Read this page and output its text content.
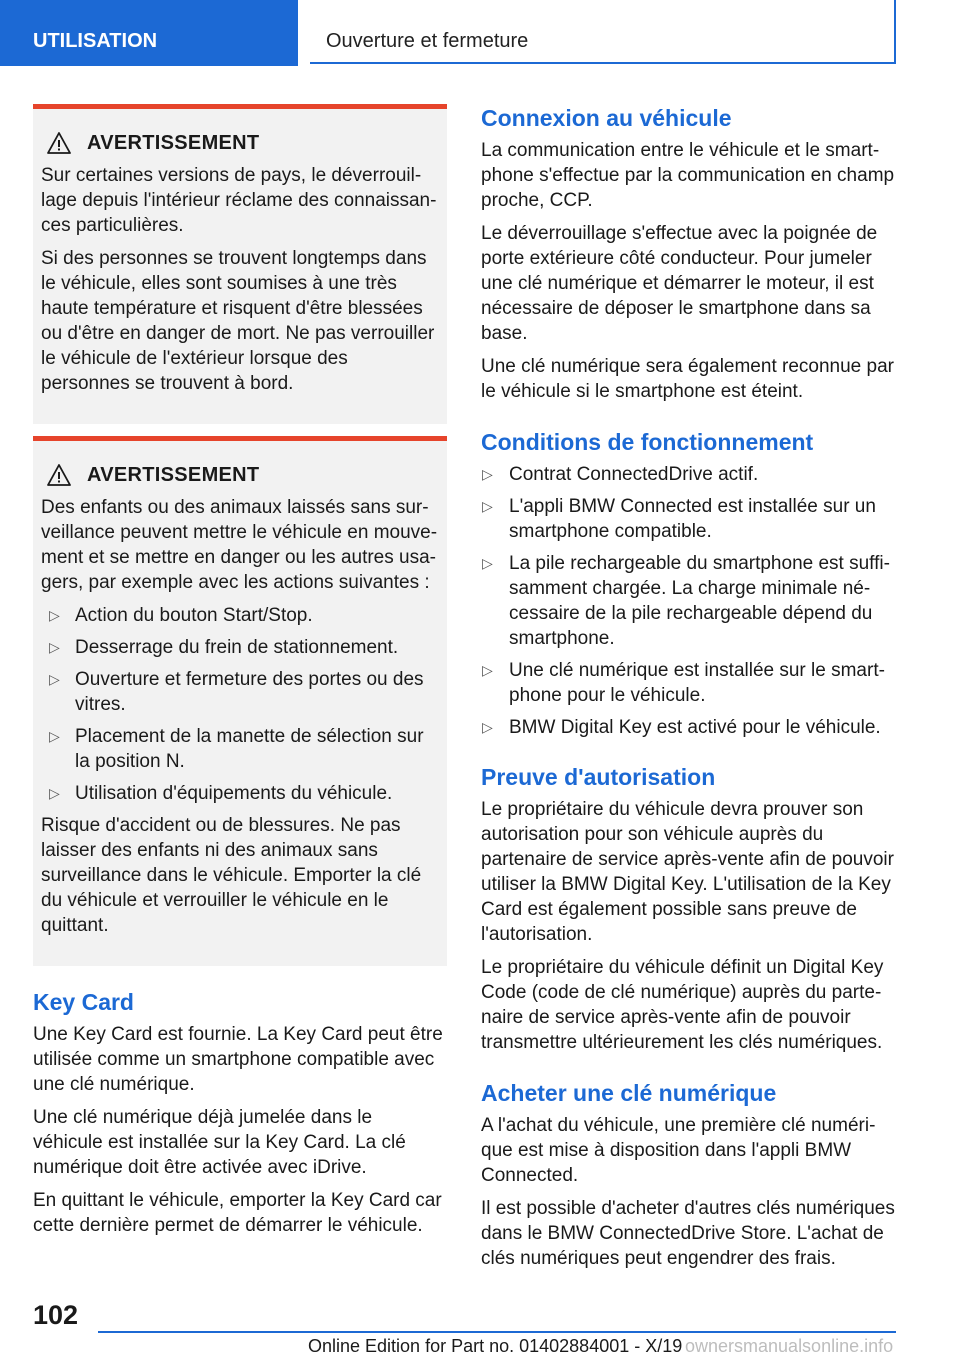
UTILISATION	Ouverture et fermeture
AVERTISSEMENT

Sur certaines versions de pays, le déverrouillage depuis l'intérieur réclame des connaissances particulières.

Si des personnes se trouvent longtemps dans le véhicule, elles sont soumises à une très haute température et risquent d'être blessées ou d'être en danger de mort. Ne pas verrouiller le véhicule de l'extérieur lorsque des personnes se trouvent à bord.

AVERTISSEMENT

Des enfants ou des animaux laissés sans surveillance peuvent mettre le véhicule en mouvement et se mettre en danger ou les autres usagers, par exemple avec les actions suivantes :

▷ Action du bouton Start/Stop.
▷ Desserrage du frein de stationnement.
▷ Ouverture et fermeture des portes ou des vitres.
▷ Placement de la manette de sélection sur la position N.
▷ Utilisation d'équipements du véhicule.

Risque d'accident ou de blessures. Ne pas laisser des enfants ni des animaux sans surveillance dans le véhicule. Emporter la clé du véhicule et verrouiller le véhicule en le quittant.

Key Card

Une Key Card est fournie. La Key Card peut être utilisée comme un smartphone compatible avec une clé numérique.

Une clé numérique déjà jumelée dans le véhicule est installée sur la Key Card. La clé numérique doit être activée avec iDrive.

En quittant le véhicule, emporter la Key Card car cette dernière permet de démarrer le véhicule.

Connexion au véhicule

La communication entre le véhicule et le smartphone s'effectue par la communication en champ proche, CCP.

Le déverrouillage s'effectue avec la poignée de porte extérieure côté conducteur. Pour jumeler une clé numérique et démarrer le moteur, il est nécessaire de déposer le smartphone dans sa base.

Une clé numérique sera également reconnue par le véhicule si le smartphone est éteint.

Conditions de fonctionnement
▷ Contrat ConnectedDrive actif.
▷ L'appli BMW Connected est installée sur un smartphone compatible.
▷ La pile rechargeable du smartphone est suffisamment chargée. La charge minimale nécessaire de la pile rechargeable dépend du smartphone.
▷ Une clé numérique est installée sur le smartphone pour le véhicule.
▷ BMW Digital Key est activé pour le véhicule.
Preuve d'autorisation

Le propriétaire du véhicule devra prouver son autorisation pour son véhicule auprès du partenaire de service après-vente afin de pouvoir utiliser la BMW Digital Key. L'utilisation de la Key Card est également possible sans preuve de l'autorisation.

Le propriétaire du véhicule définit un Digital Key Code (code de clé numérique) auprès du partenaire de service après-vente afin de pouvoir transmettre ultérieurement les clés numériques.

Acheter une clé numérique

A l'achat du véhicule, une première clé numérique est mise à disposition dans l'appli BMW Connected.

Il est possible d'acheter d'autres clés numériques dans le BMW ConnectedDrive Store. L'achat de clés numériques peut engendrer des frais.

102
Online Edition for Part no. 01402884001 - X/19 ownersmanualsonline.info
